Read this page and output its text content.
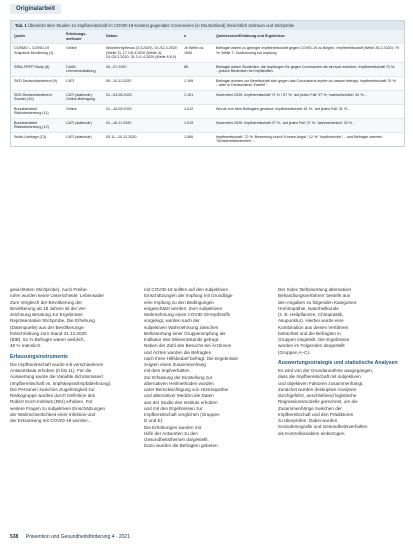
Originalarbeit
Tab. 1 Übersicht über Studien zu Impfbereitschaft im COVID-19-Kontext gegenüber Coronaviren (in Deutschland) hinsichtlich Zeitraum und Stichprobe
Quelle	Erhebungs-methode	Datum	n	Quintessenz/Erklärung und Ergebnisse
COSMO – COVID-19 Snapshot Monitoring (1)	Online	Wochenrhythmus (3.3.2020), 10./11.3.2020 (Welle 3), 17./18.3.2020 (Welle 4), 24./25.3.2020, 31.3./1.4.2020 (Welle 6,8,9)	Je Welle ca. 1000	Befragte waren zu geringer Impfbereitschaft gegen COVID-19 zu Beginn. Impfbereitschaft (Welle 26.2.2020): 79 %; Welle 7: Zustimmung zur Impfung.
SIRA-FRFP Study (8)	CAWI, Lehrveranstaltung	04.–07.2020	85	Befragte waren Studenten, die Impfungen für gegen Coronaviren als sinnvoll erachten; Impfbereitschaft 70 %; ...jedoch Bedenken bei Impfstoffen.
SKD Deutschlandtrend (9)	CATI	09.–10.11.2020	1.109	Befragte wurden zur Bereitschaft sich gegen das Coronavirus impfen zu lassen befragt: Impfbereitschaft 70 %; ...alter in Deutschland 'Zweifel'.
SKD Deutschlandtrend Sonder-(10)	CATI (stationär), Online-Befragung	01.–04.08.2020	1.101	November 2020: Impfbereitschaft 71 % / 57 %: 'auf jeden Fall' 37 %; 'wahrscheinlich' 34 %...
Bundesinstitut Risikobewertung (11)	Online	01.–15.09.2020	1.012	Wurde von dem Befragten genannt; Impfbereitschaft: 61 %; 'auf jeden Fall' 31 %...
Bundesinstitut Risikobewertung (12)	CATI (stationär)	01.–16.11.2020	1.019	November 2020: Impfbereitschaft 57 %; 'auf jeden Fall' 27 %; 'wahrscheinlich' 30 %...
Wolfs-Umfrage (13)	CATI (stationär)	03.11.–10.12.2020	1.500	Impfbereitschaft: 72 %; Bewertung durch 'Kosten Angst'; 12 %: 'Impfkontrolle'; ...und Befragte nannten 'Sicherheitsbedenken'...
gewichteten Stichprobe). Auch Freibe-
rufen wurden keine Unterschiede: Lebensalter
Zum Vergleich der Bevölkerung der
Bevölkerung ab 18 Jahren ist die Ver-
zeichnung Beratung zur Ergebnisse
Repräsentative Stichprobe. Die Erhebung
(Datenquelle) aus der Bevölkerungs-
fortschreibung zum Stand 31.12.2020
(BIB). 51 % Befragte waren weiblich,
49 % männlich.
Erfassungsinstrumente
Die Impfbereitschaft wurde mit verschiedenen
Antwortskala erhoben (0 bis 11). Für die
Auswertung wurde die Variable dichotomisiert
(Impfbereitschaft vs. Impfskepsis/Impfablehnung).
Die Personen zwischen Zugehörigkeit zur
Risikogruppe wurden durch Definition des
Robert Koch-Instituts (RKI) erhoben. Für
weitere Fragen zu subjektiven Einschätzungen
der Wahrscheinlichkeit einer Infektion und
der Erkrankung mit COVID-19 wurden...
mit COVID-19 sollten auf den subjektiven
Einschätzungen der Impfung mit Grundlage
eine Impfung zu den Bedingungen
eingeschätzt werden. Zum subjektiven
Wahrnehmung eines COVID-19-Impfstoffs
vorgelegt, wurden nach der
subjektiven Wahrnehmung zwischen
Befürwortung einer Gruppenimpfung als
Indikator des Wissensstands gefragt.
Neben der Zahl des Besuchs bei Ärztinnen
und Ärzten wurden die Befragten
nach ihren Hilfsbedarf befragt. Die Ergebnisse
zeigten einen Zusammenhang
mit dem Impfverhalten.
Zur Erfassung der Einstellung zur
alternativen Heilmethoden wurden
unter Berücksichtigung von Homöopathie
und alternativer Medizin die Daten
aus der Studie des Instituts erhoben
und mit den Ergebnissen zur
Impfbereitschaft verglichen (Gruppen
D und E).
Die Erhebungen wurden mit
Hilfe der Antworten zu den
Gesundheitsthemen dargestellt.
Dazu wurden die Befragten gebeten.
Der Index 'Befürwortung alternativer
Behandlungsverfahren' besteht aus
den Angaben zu folgenden Kategorien:
Homöopathie, Naturheilkunde
(z. B. Heilpflanzen, Chiropraktik,
Akupunktur). Hierbei wurde eine
Kombination aus diesen Verfahren
betrachtet und die Befragten in
Gruppen eingeteilt. Die Ergebnisse
werden im Folgenden dargestellt
(Gruppen A–C).
Auswertungsstrategie und statistische Analysen
Es wird von der Grundannahme ausgegangen,
dass die Impfbereitschaft mit subjektiven
und objektiven Faktoren zusammenhängt.
Zunächst wurden deskriptive Analysen
durchgeführt, anschließend logistische
Regressionsmodelle gerechnet, um die
Zusammenhänge zwischen der
Impfbereitschaft und den Prädiktoren
zu überprüfen. Dabei wurden
Soziodemografie und Gesundheitsverhalten
als Kontrollvariablen einbezogen.
538 Prävention und Gesundheitsförderung 4 · 2021
